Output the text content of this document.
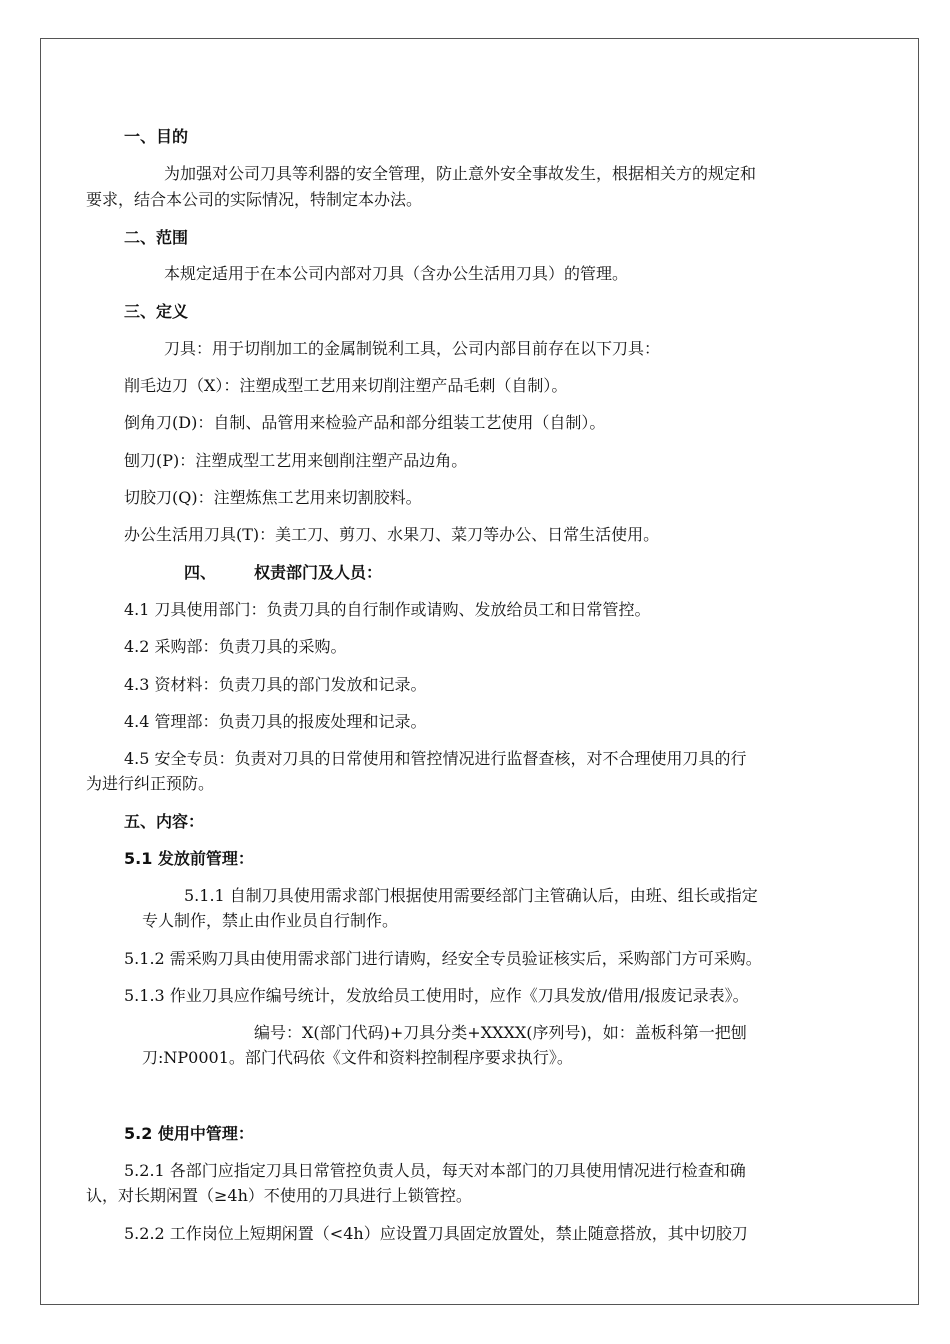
一、目的
为加强对公司刀具等利器的安全管理，防止意外安全事故发生，根据相关方的规定和
要求，结合本公司的实际情况，特制定本办法。
二、范围
本规定适用于在本公司内部对刀具（含办公生活用刀具）的管理。
三、定义
刀具：用于切削加工的金属制锐利工具，公司内部目前存在以下刀具：
削毛边刀（X）：注塑成型工艺用来切削注塑产品毛刺（自制）。
倒角刀(D)：自制、品管用来检验产品和部分组装工艺使用（自制）。
刨刀(P)：注塑成型工艺用来刨削注塑产品边角。
切胶刀(Q)：注塑炼焦工艺用来切割胶料。
办公生活用刀具(T)：美工刀、剪刀、水果刀、菜刀等办公、日常生活使用。
四、 权责部门及人员：
4.1 刀具使用部门：负责刀具的自行制作或请购、发放给员工和日常管控。
4.2 采购部：负责刀具的采购。
4.3 资材料：负责刀具的部门发放和记录。
4.4 管理部：负责刀具的报废处理和记录。
4.5 安全专员：负责对刀具的日常使用和管控情况进行监督查核，对不合理使用刀具的行
为进行纠正预防。
五、内容：
5.1 发放前管理：
5.1.1 自制刀具使用需求部门根据使用需要经部门主管确认后，由班、组长或指定
专人制作，禁止由作业员自行制作。
5.1.2 需采购刀具由使用需求部门进行请购，经安全专员验证核实后，采购部门方可采购。
5.1.3 作业刀具应作编号统计，发放给员工使用时，应作《刀具发放/借用/报废记录表》。
编号：X(部门代码)+刀具分类+XXXX(序列号)，如：盖板科第一把刨
刀:NP0001。部门代码依《文件和资料控制程序要求执行》。
5.2 使用中管理：
5.2.1 各部门应指定刀具日常管控负责人员，每天对本部门的刀具使用情况进行检查和确
认，对长期闲置（≥4h）不使用的刀具进行上锁管控。
5.2.2 工作岗位上短期闲置（<4h）应设置刀具固定放置处，禁止随意搭放，其中切胶刀
